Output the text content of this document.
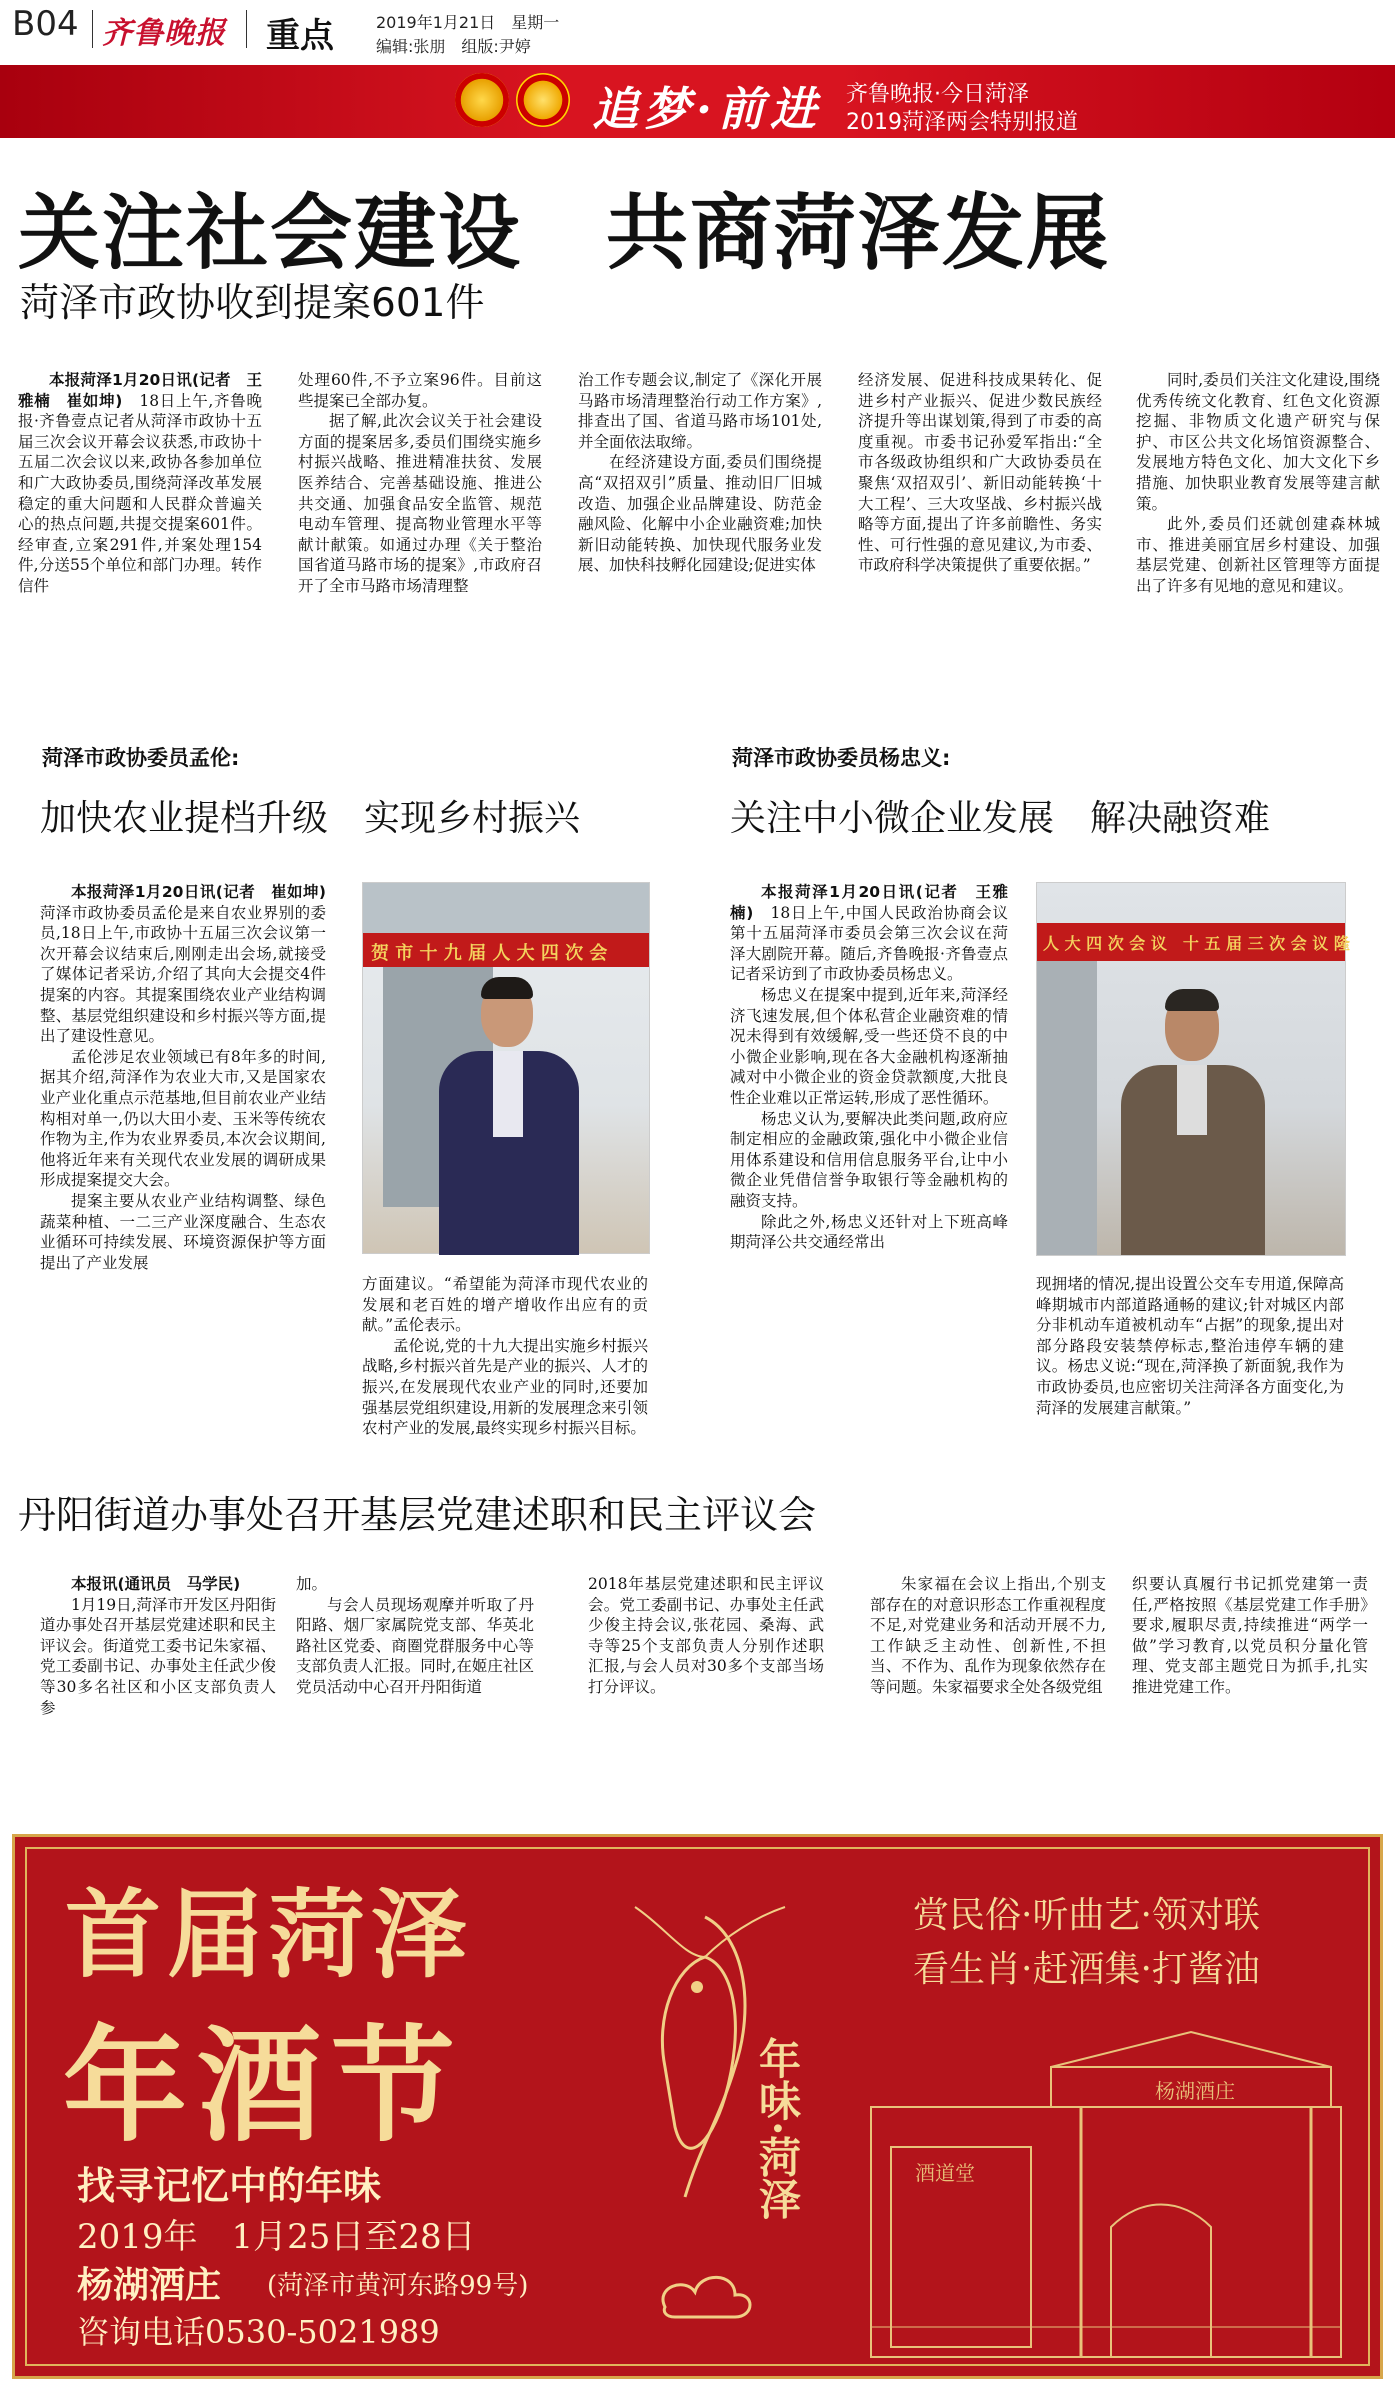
B04 齐鲁晚报 重点	2019年1月21日　星期一
编辑:张朋　组版:尹婷
追梦·前进 齐鲁晚报·今日菏泽
2019菏泽两会特别报道
关注社会建设　共商菏泽发展
菏泽市政协收到提案601件

本报菏泽1月20日讯(记者　王雅楠　崔如坤)　 18日上午,齐鲁晚报·齐鲁壹点记者从菏泽市政协十五届三次会议开幕会议获悉,市政协十五届二次会议以来,政协各参加单位和广大政协委员,围绕菏泽改革发展稳定的重大问题和人民群众普遍关心的热点问题,共提交提案601件。经审查,立案291件,并案处理154件,分送55个单位和部门办理。转作信件

处理60件,不予立案96件。目前这些提案已全部办复。

据了解,此次会议关于社会建设方面的提案居多,委员们围绕实施乡村振兴战略、推进精准扶贫、发展医养结合、完善基础设施、推进公共交通、加强食品安全监管、规范电动车管理、提高物业管理水平等献计献策。如通过办理《关于整治国省道马路市场的提案》,市政府召开了全市马路市场清理整

治工作专题会议,制定了《深化开展马路市场清理整治行动工作方案》,排查出了国、省道马路市场101处,并全面依法取缔。

在经济建设方面,委员们围绕提高“双招双引”质量、推动旧厂旧城改造、加强企业品牌建设、防范金融风险、化解中小企业融资难;加快新旧动能转换、加快现代服务业发展、加快科技孵化园建设;促进实体

经济发展、促进科技成果转化、促进乡村产业振兴、促进少数民族经济提升等出谋划策,得到了市委的高度重视。市委书记孙爱军指出:“全市各级政协组织和广大政协委员在聚焦‘双招双引’、新旧动能转换‘十大工程’、三大攻坚战、乡村振兴战略等方面,提出了许多前瞻性、务实性、可行性强的意见建议,为市委、市政府科学决策提供了重要依据。”

同时,委员们关注文化建设,围绕优秀传统文化教育、红色文化资源挖掘、非物质文化遗产研究与保护、市区公共文化场馆资源整合、发展地方特色文化、加大文化下乡措施、加快职业教育发展等建言献策。

此外,委员们还就创建森林城市、推进美丽宜居乡村建设、加强基层党建、创新社区管理等方面提出了许多有见地的意见和建议。

菏泽市政协委员孟伦:
加快农业提档升级　实现乡村振兴

本报菏泽1月20日讯(记者　崔如坤)　菏泽市政协委员孟伦是来自农业界别的委员,18日上午,市政协十五届三次会议第一次开幕会议结束后,刚刚走出会场,就接受了媒体记者采访,介绍了其向大会提交4件提案的内容。其提案围绕农业产业结构调整、基层党组织建设和乡村振兴等方面,提出了建设性意见。

孟伦涉足农业领域已有8年多的时间,据其介绍,菏泽作为农业大市,又是国家农业产业化重点示范基地,但目前农业产业结构相对单一,仍以大田小麦、玉米等传统农作物为主,作为农业界委员,本次会议期间,他将近年来有关现代农业发展的调研成果形成提案提交大会。

提案主要从农业产业结构调整、绿色蔬菜种植、一二三产业深度融合、生态农业循环可持续发展、环境资源保护等方面提出了产业发展

贺 市 十 九 届 人 大 四 次 会

方面建议。“希望能为菏泽市现代农业的发展和老百姓的增产增收作出应有的贡献。”孟伦表示。

孟伦说,党的十九大提出实施乡村振兴战略,乡村振兴首先是产业的振兴、人才的振兴,在发展现代农业产业的同时,还要加强基层党组织建设,用新的发展理念来引领农村产业的发展,最终实现乡村振兴目标。

菏泽市政协委员杨忠义:
关注中小微企业发展　解决融资难

本报菏泽1月20日讯(记者　王雅楠)　 18日上午,中国人民政治协商会议第十五届菏泽市委员会第三次会议在菏泽大剧院开幕。随后,齐鲁晚报·齐鲁壹点记者采访到了市政协委员杨忠义。

杨忠义在提案中提到,近年来,菏泽经济飞速发展,但个体私营企业融资难的情况未得到有效缓解,受一些还贷不良的中小微企业影响,现在各大金融机构逐渐抽减对中小微企业的资金贷款额度,大批良性企业难以正常运转,形成了恶性循环。

杨忠义认为,要解决此类问题,政府应制定相应的金融政策,强化中小微企业信用体系建设和信用信息服务平台,让中小微企业凭借信誉争取银行等金融机构的融资支持。

除此之外,杨忠义还针对上下班高峰期菏泽公共交通经常出

人 大 四 次 会 议　十 五 届 三 次 会 议 隆

现拥堵的情况,提出设置公交车专用道,保障高峰期城市内部道路通畅的建议;针对城区内部分非机动车道被机动车“占据”的现象,提出对部分路段安装禁停标志,整治违停车辆的建议。杨忠义说:“现在,菏泽换了新面貌,我作为市政协委员,也应密切关注菏泽各方面变化,为菏泽的发展建言献策。”

丹阳街道办事处召开基层党建述职和民主评议会

本报讯(通讯员　马学民)

1月19日,菏泽市开发区丹阳街道办事处召开基层党建述职和民主评议会。街道党工委书记朱家福、党工委副书记、办事处主任武少俊等30多名社区和小区支部负责人参

加。

与会人员现场观摩并听取了丹阳路、烟厂家属院党支部、华英北路社区党委、商圈党群服务中心等支部负责人汇报。同时,在姬庄社区党员活动中心召开丹阳街道

2018年基层党建述职和民主评议会。党工委副书记、办事处主任武少俊主持会议,张花园、桑海、武寺等25个支部负责人分别作述职汇报,与会人员对30多个支部当场打分评议。

朱家福在会议上指出,个别支部存在的对意识形态工作重视程度不足,对党建业务和活动开展不力,工作缺乏主动性、创新性,不担当、不作为、乱作为现象依然存在等问题。朱家福要求全处各级党组

织要认真履行书记抓党建第一责任,严格按照《基层党建工作手册》要求,履职尽责,持续推进“两学一做”学习教育,以党员积分量化管理、党支部主题党日为抓手,扎实推进党建工作。

首届菏泽
年酒节
找寻记忆中的年味
2019年　1月25日至28日
杨湖酒庄 (菏泽市黄河东路99号)
咨询电话0530-5021989
年味·菏泽
赏民俗·听曲艺·领对联
看生肖·赶酒集·打酱油
杨湖酒庄
酒道堂
